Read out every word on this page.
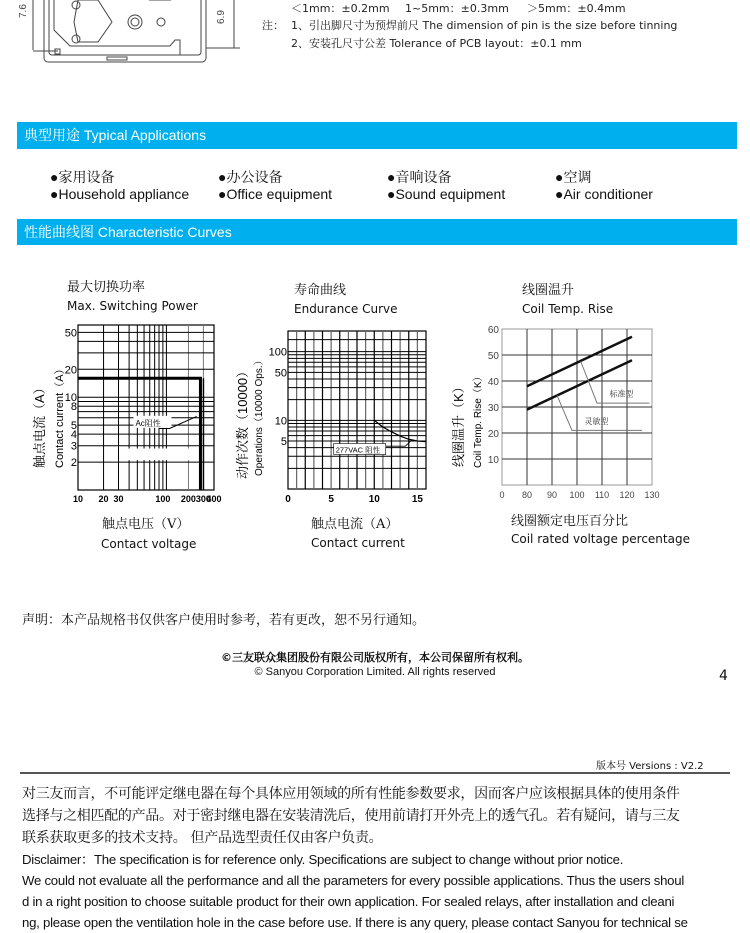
7.6	6.9
＜1mm：±0.2mm 1~5mm：±0.3mm ＞5mm：±0.4mm
注： 1、引出脚尺寸为预焊前尺 The dimension of pin is the size before tinning
2、安装孔尺寸公差 Tolerance of PCB layout：±0.1 mm
典型用途 Typical Applications
●家用设备
●Household appliance
●办公设备
●Office equipment
●音响设备
●Sound equipment
●空调
●Air conditioner
性能曲线图 Characteristic Curves
最大切换功率
Max. Switching Power
触点电压（V）
Contact voltage
寿命曲线
Endurance Curve
触点电流（A）
Contact current
线圈温升
Coil Temp. Rise
线圈额定电压百分比
Coil rated voltage percentage
Ac阻性
10 20 30	100 200 300
400
2
3
4
5
8
10
20
50
触点电流（A） Contact current（A）	277VAC 阻性
0	5	10	15
5
10
50
100
动作次数（10000） Operations（10000 Ops.）	标准型
灵敏型
0 80 90 100 110 120 130
10
20
30
40
50
60
线圈温升（K） Coil Temp. Rise（K）
声明：本产品规格书仅供客户使用时参考，若有更改，恕不另行通知。
©三友联众集团股份有限公司版权所有，本公司保留所有权利。
© Sanyou Corporation Limited. All rights reserved	4
版本号 Versions : V2.2
对三友而言，不可能评定继电器在每个具体应用领域的所有性能参数要求，因而客户应该根据具体的使用条件
选择与之相匹配的产品。对于密封继电器在安装清洗后，使用前请打开外壳上的透气孔。若有疑问，请与三友
联系获取更多的技术支持。 但产品选型责任仅由客户负责。
Disclaimer：The specification is for reference only. Specifications are subject to change without prior notice.
We could not evaluate all the performance and all the parameters for every possible applications. Thus the users shoul
d in a right position to choose suitable product for their own application. For sealed relays, after installation and cleani
ng, please open the ventilation hole in the case before use. If there is any query, please contact Sanyou for technical se
